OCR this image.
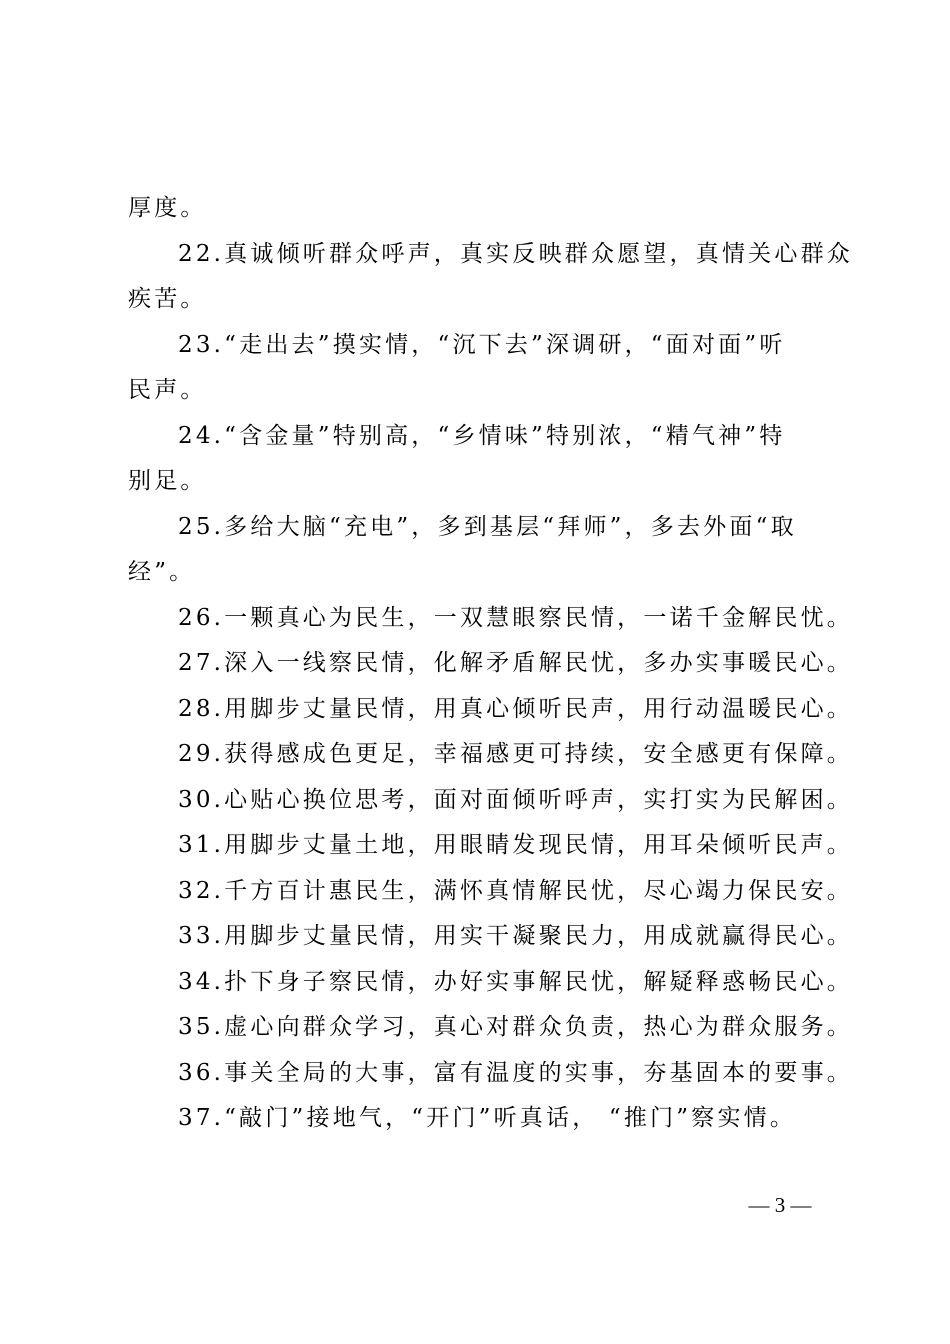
厚度。
22.真诚倾听群众呼声，真实反映群众愿望，真情关心群众
疾苦。
23.“走出去”摸实情，“沉下去”深调研，“面对面”听
民声。
24.“含金量”特别高，“乡情味”特别浓，“精气神”特
别足。
25.多给大脑“充电”，多到基层“拜师”，多去外面“取
经”。
26.一颗真心为民生，一双慧眼察民情，一诺千金解民忧。
27.深入一线察民情，化解矛盾解民忧，多办实事暖民心。
28.用脚步丈量民情，用真心倾听民声，用行动温暖民心。
29.获得感成色更足，幸福感更可持续，安全感更有保障。
30.心贴心换位思考，面对面倾听呼声，实打实为民解困。
31.用脚步丈量土地，用眼睛发现民情，用耳朵倾听民声。
32.千方百计惠民生，满怀真情解民忧，尽心竭力保民安。
33.用脚步丈量民情，用实干凝聚民力，用成就赢得民心。
34.扑下身子察民情，办好实事解民忧，解疑释惑畅民心。
35.虚心向群众学习，真心对群众负责，热心为群众服务。
36.事关全局的大事，富有温度的实事，夯基固本的要事。
37.“敲门”接地气，“开门”听真话， “推门”察实情。
— 3 —
